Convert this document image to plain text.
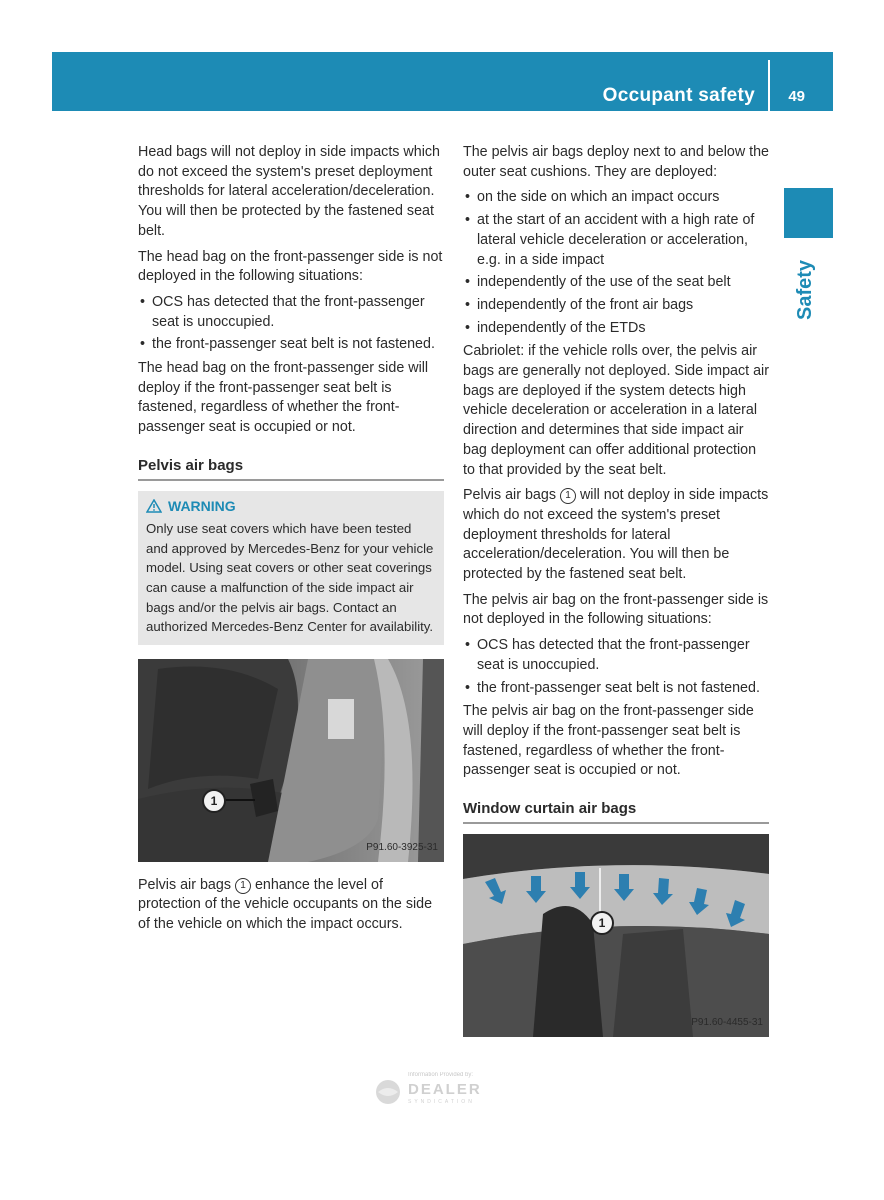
Occupant safety 49
Safety

Head bags will not deploy in side impacts which do not exceed the system's preset deployment thresholds for lateral acceleration/deceleration. You will then be protected by the fastened seat belt.

The head bag on the front-passenger side is not deployed in the following situations:

• OCS has detected that the front-passenger seat is unoccupied.
• the front-passenger seat belt is not fastened.

The head bag on the front-passenger side will deploy if the front-passenger seat belt is fastened, regardless of whether the front-passenger seat is occupied or not.

Pelvis air bags
WARNING
Only use seat covers which have been tested and approved by Mercedes-Benz for your vehicle model. Using seat covers or other seat coverings can cause a malfunction of the side impact air bags and/or the pelvis air bags. Contact an authorized Mercedes-Benz Center for availability.
1
P91.60-3925-31

Pelvis air bags 1 enhance the level of protection of the vehicle occupants on the side of the vehicle on which the impact occurs.

The pelvis air bags deploy next to and below the outer seat cushions. They are deployed:

• on the side on which an impact occurs
• at the start of an accident with a high rate of lateral vehicle deceleration or acceleration, e.g. in a side impact
• independently of the use of the seat belt
• independently of the front air bags
• independently of the ETDs

Cabriolet: if the vehicle rolls over, the pelvis air bags are generally not deployed. Side impact air bags are deployed if the system detects high vehicle deceleration or acceleration in a lateral direction and determines that side impact air bag deployment can offer additional protection to that provided by the seat belt.

Pelvis air bags 1 will not deploy in side impacts which do not exceed the system's preset deployment thresholds for lateral acceleration/deceleration. You will then be protected by the fastened seat belt.

The pelvis air bag on the front-passenger side is not deployed in the following situations:

• OCS has detected that the front-passenger seat is unoccupied.
• the front-passenger seat belt is not fastened.

The pelvis air bag on the front-passenger side will deploy if the front-passenger seat belt is fastened, regardless of whether the front-passenger seat is occupied or not.

Window curtain air bags
1
P91.60-4455-31
Information Provided by:
DEALER
SYNDICATION
